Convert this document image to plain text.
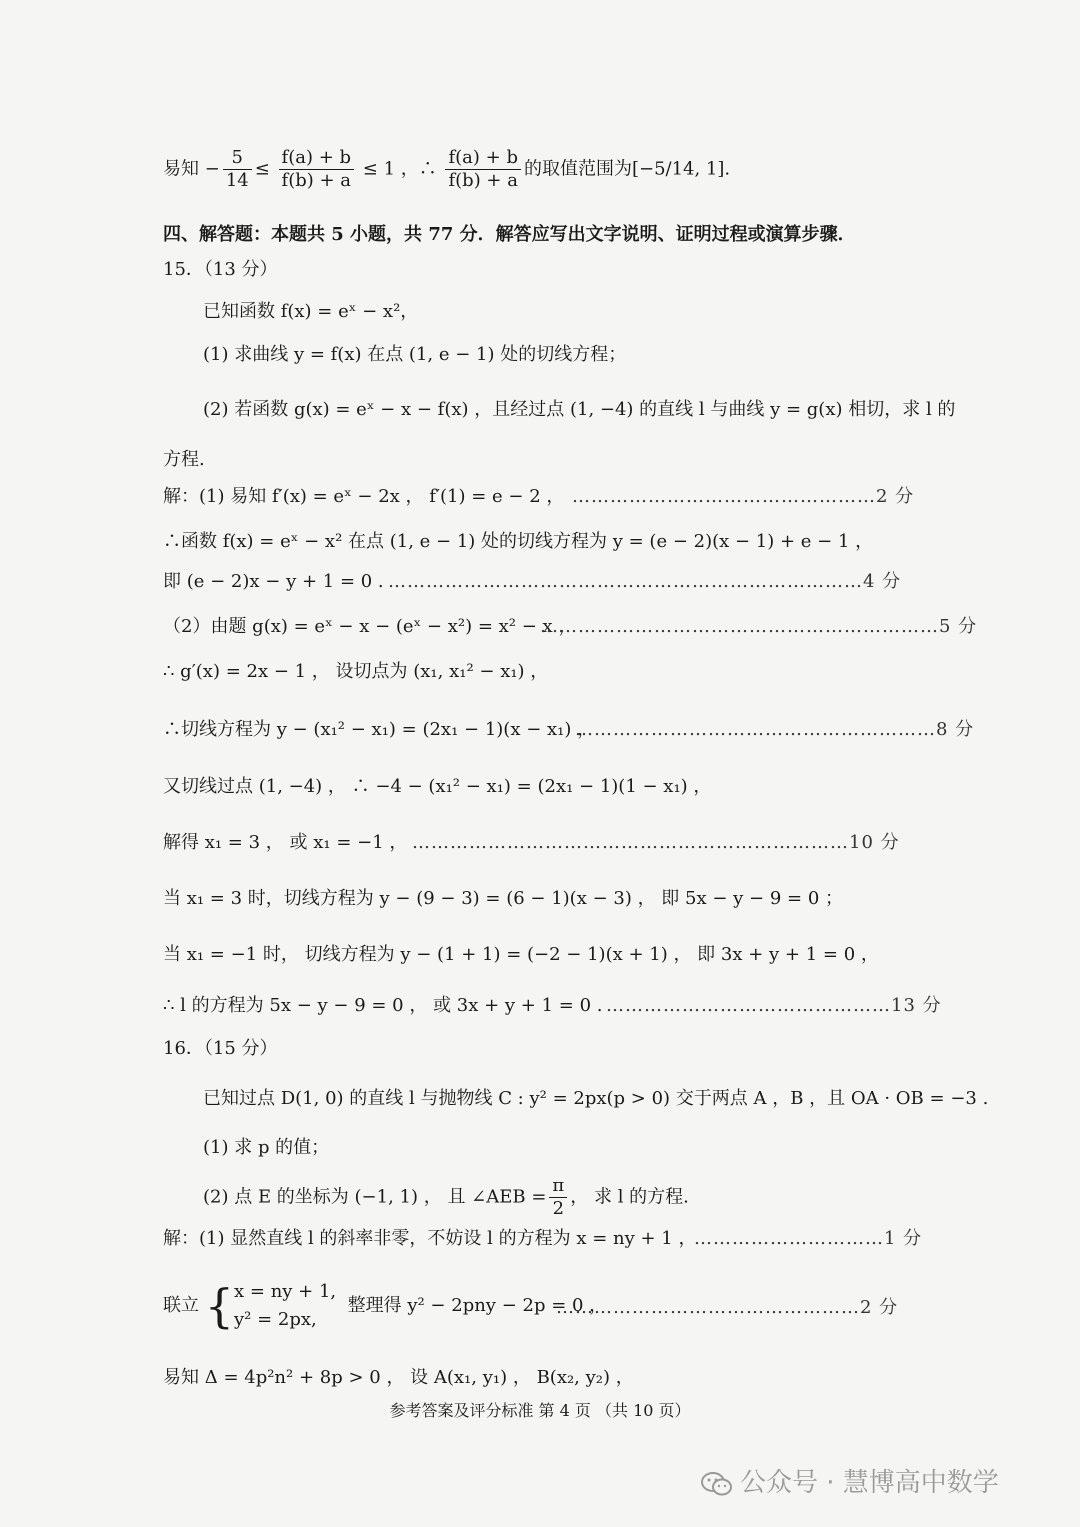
易知 − $\frac{5}{14} \le \frac{f(a) + b}{f(b) + a} \le 1$ ，∴ $\frac{f(a) + b}{f(b) + a}$ 的取值范围为[−5/14, 1].
四、解答题：本题共 5 小题，共 77 分．解答应写出文字说明、证明过程或演算步骤．
15．（13 分）
已知函数 f(x) = eˣ − x²，
(1) 求曲线 y = f(x) 在点 (1, e − 1) 处的切线方程；
(2) 若函数 g(x) = eˣ − x − f(x) ，且经过点 (1, −4) 的直线 l 与曲线 y = g(x) 相切，求 l 的
方程.
解：(1) 易知 f′(x) = eˣ − 2x ， f′(1) = e − 2 ， …………………………………………2 分
∴函数 f(x) = eˣ − x² 在点 (1, e − 1) 处的切线方程为 y = (e − 2)(x − 1) + e − 1 ，
即 (e − 2)x − y + 1 = 0 . …………………………………………………………………4 分
（2）由题 g(x) = eˣ − x − (eˣ − x²) = x² − x ，
………………………………………………………5 分
∴ g′(x) = 2x − 1 ， 设切点为 (x₁, x₁² − x₁) ，
∴切线方程为 y − (x₁² − x₁) = (2x₁ − 1)(x − x₁) ，
…………………………………………………8 分
又切线过点 (1, −4) ， ∴ −4 − (x₁² − x₁) = (2x₁ − 1)(1 − x₁) ，
解得 x₁ = 3 ， 或 x₁ = −1 ， ……………………………………………………………10 分
当 x₁ = 3 时，切线方程为 y − (9 − 3) = (6 − 1)(x − 3) ， 即 5x − y − 9 = 0 ；
当 x₁ = −1 时， 切线方程为 y − (1 + 1) = (−2 − 1)(x + 1) ， 即 3x + y + 1 = 0 ，
∴ l 的方程为 5x − y − 9 = 0 ， 或 3x + y + 1 = 0 . ………………………………………13 分
16．（15 分）
已知过点 D(1, 0) 的直线 l 与抛物线 C : y² = 2px(p > 0) 交于两点 A ，B ，且 OA · OB = −3 .
(1) 求 p 的值；
(2) 点 E 的坐标为 (−1, 1) ， 且 ∠AEB = $\frac{\pi}{2}$ ， 求 l 的方程.
解：(1) 显然直线 l 的斜率非零，不妨设 l 的方程为 x = ny + 1 ，
…………………………1 分
联立 { x = ny + 1,
y² = 2px,
整理得 y² − 2pny − 2p = 0 ，
…………………………………………2 分
易知 Δ = 4p²n² + 8p > 0 ， 设 A(x₁, y₁) ， B(x₂, y₂) ，
参考答案及评分标准 第 4 页 （共 10 页）
公众号 · 慧博高中数学
